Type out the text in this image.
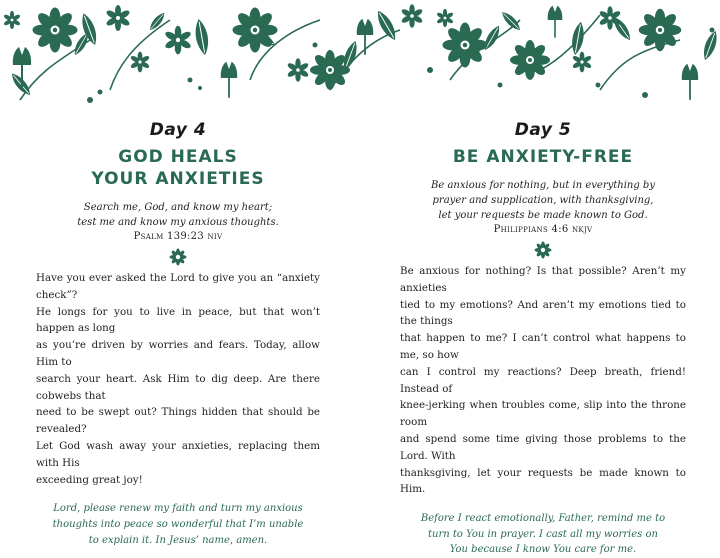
Day 4
GOD HEALS
YOUR ANXIETIES
Search me, God, and know my heart;
test me and know my anxious thoughts.
Psalm 139:23 niv
Have you ever asked the Lord to give you an “anxiety check”?
He longs for you to live in peace, but that won’t happen as long
as you’re driven by worries and fears. Today, allow Him to
search your heart. Ask Him to dig deep. Are there cobwebs that
need to be swept out? Things hidden that should be revealed?
Let God wash away your anxieties, replacing them with His
exceeding great joy!
Lord, please renew my faith and turn my anxious
thoughts into peace so wonderful that I’m unable
to explain it. In Jesus’ name, amen.
Day 5
BE ANXIETY-FREE
Be anxious for nothing, but in everything by
prayer and supplication, with thanksgiving,
let your requests be made known to God.
Philippians 4:6 nkjv
Be anxious for nothing? Is that possible? Aren’t my anxieties
tied to my emotions? And aren’t my emotions tied to the things
that happen to me? I can’t control what happens to me, so how
can I control my reactions? Deep breath, friend! Instead of
knee-jerking when troubles come, slip into the throne room
and spend some time giving those problems to the Lord. With
thanksgiving, let your requests be made known to Him.
Before I react emotionally, Father, remind me to
turn to You in prayer. I cast all my worries on
You because I know You care for me.
